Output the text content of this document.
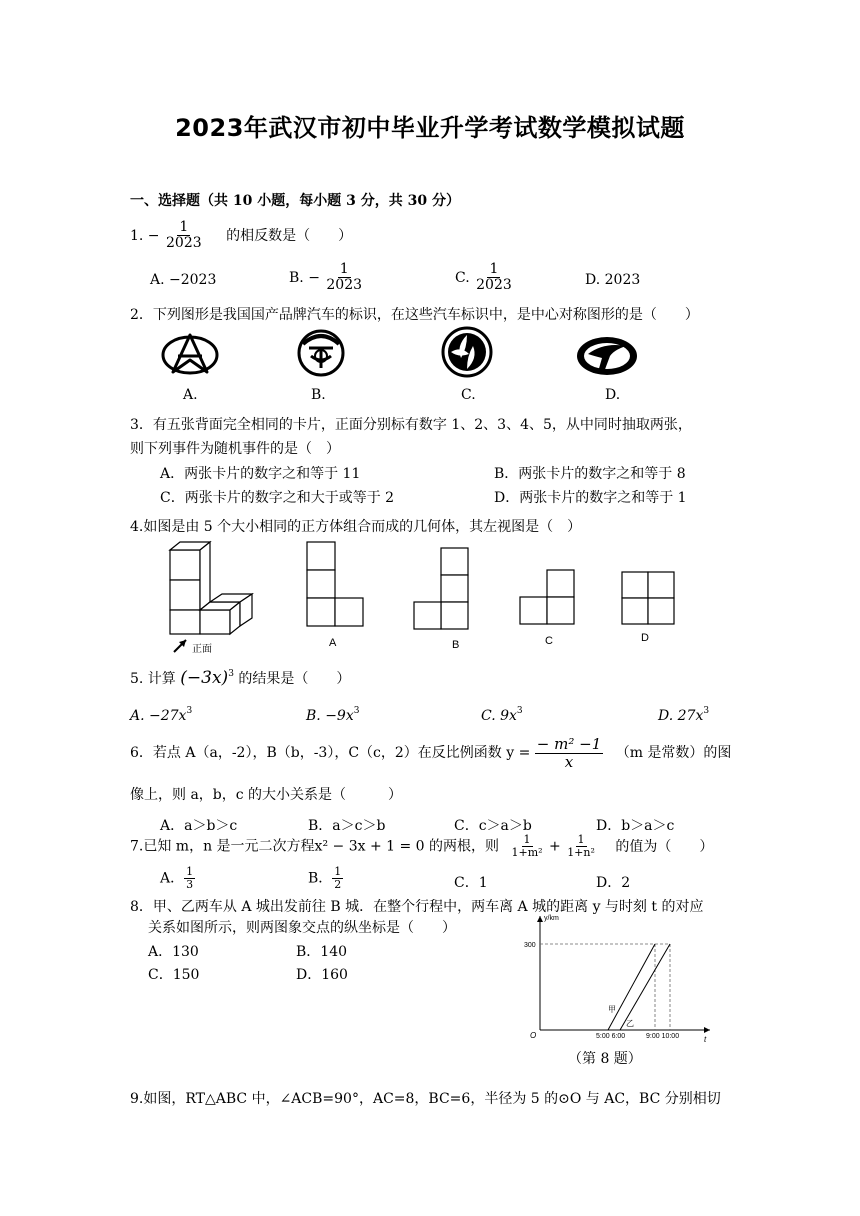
2023年武汉市初中毕业升学考试数学模拟试题
一、选择题（共 10 小题，每小题 3 分，共 30 分）
1. − $\frac{1}{2023}$ 的相反数是（　　）
A. −2023	B. − $\frac{1}{2023}$	C. $\frac{1}{2023}$	D. 2023
2．下列图形是我国国产品牌汽车的标识，在这些汽车标识中，是中心对称图形的是（　　）
A.	B.	C.	D.
3．有五张背面完全相同的卡片，正面分别标有数字 1、2、3、4、5，从中同时抽取两张，
则下列事件为随机事件的是（　）
A．两张卡片的数字之和等于 11	B．两张卡片的数字之和等于 8
C．两张卡片的数字之和大于或等于 2	D．两张卡片的数字之和等于 1
4.如图是由 5 个大小相同的正方体组合而成的几何体，其左视图是（　）
正面
A	B	C	D
5. 计算 $(-3x)^3$ 的结果是（　　）
A. $-27x^3$	B. $-9x^3$	C. $9x^3$	D. $27x^3$
6．若点 A（a，-2），B（b，-3），C（c，2）在反比例函数 $y = \frac{\text{− m² −1}}{x} (m$ 是常数）的图
像上，则 a，b，c 的大小关系是（　　　）
A．a＞b＞c	B．a＞c＞b	C．c＞a＞b	D．b＞a＞c
7.已知 m，n 是一元二次方程x² − 3x + 1 = 0 的两根，则 $\frac{1}{\text{1+m²}} + \frac{1}{\text{1+n²}}$ 的值为（　　）
A． $\frac{1}{3}$	B． $\frac{1}{2}$	C．1	D．2
8．甲、乙两车从 A 城出发前往 B 城．在整个行程中，两车离 A 城的距离 y 与时刻 t 的对应
关系如图所示，则两图象交点的纵坐标是（　　）
A．130	B．140
C．150	D．160
y/km
300
O	t
5:00 6:00	9:00 10:00
甲
乙
（第 8 题）
9.如图，RT△ABC 中，∠ACB=90°，AC=8，BC=6，半径为 5 的⊙O 与 AC，BC 分别相切
